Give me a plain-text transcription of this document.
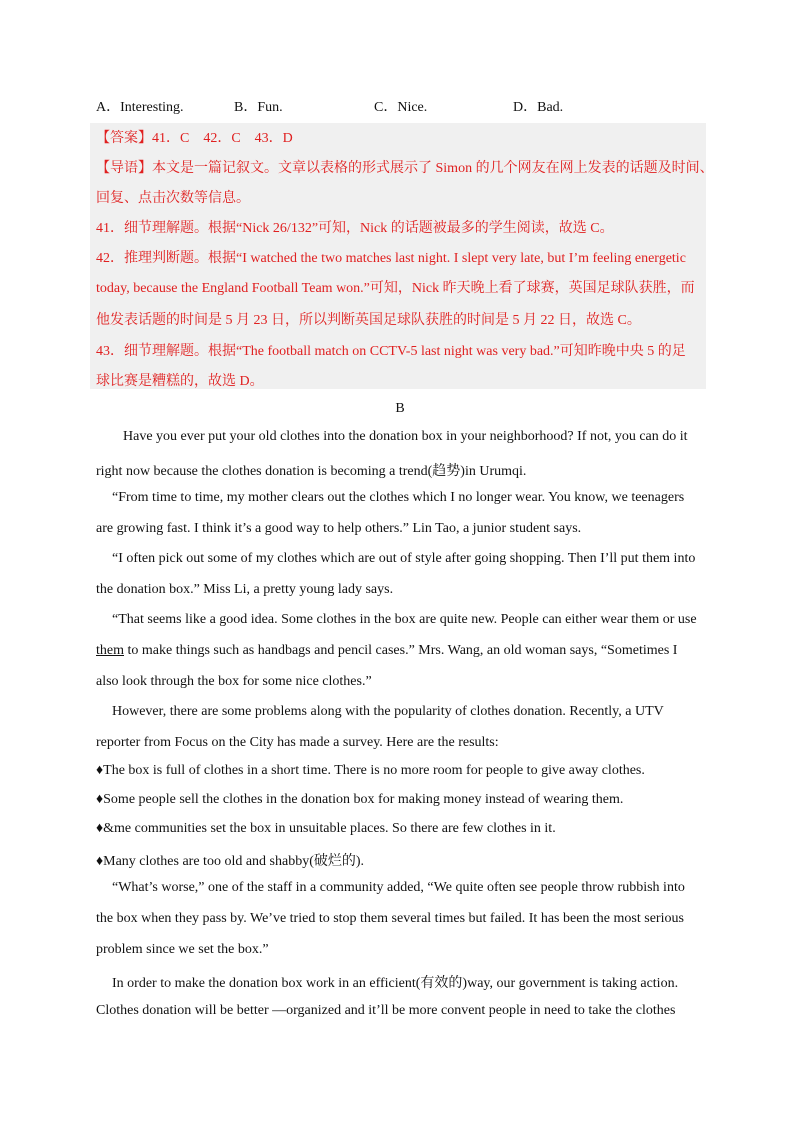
A．Interesting.	B．Fun.	C．Nice.	D．Bad.
【答案】41．C　42．C　43．D
【导语】本文是一篇记叙文。文章以表格的形式展示了 Simon 的几个网友在网上发表的话题及时间、
回复、点击次数等信息。
41．细节理解题。根据“Nick 26/132”可知，Nick 的话题被最多的学生阅读，故选 C。
42．推理判断题。根据“I watched the two matches last night. I slept very late, but I’m feeling energetic
today, because the England Football Team won.”可知，Nick 昨天晚上看了球赛，英国足球队获胜，而
他发表话题的时间是 5 月 23 日，所以判断英国足球队获胜的时间是 5 月 22 日，故选 C。
43．细节理解题。根据“The football match on CCTV-5 last night was very bad.”可知昨晚中央 5 的足
球比赛是糟糕的，故选 D。
B
Have you ever put your old clothes into the donation box in your neighborhood? If not, you can do it
right now because the clothes donation is becoming a trend(趋势)in Urumqi.
“From time to time, my mother clears out the clothes which I no longer wear. You know, we teenagers
are growing fast. I think it’s a good way to help others.” Lin Tao, a junior student says.
“I often pick out some of my clothes which are out of style after going shopping. Then I’ll put them into
the donation box.” Miss Li, a pretty young lady says.
“That seems like a good idea. Some clothes in the box are quite new. People can either wear them or use
them to make things such as handbags and pencil cases.” Mrs. Wang, an old woman says, “Sometimes I
also look through the box for some nice clothes.”
However, there are some problems along with the popularity of clothes donation. Recently, a UTV
reporter from Focus on the City has made a survey. Here are the results:
♦The box is full of clothes in a short time. There is no more room for people to give away clothes.
♦Some people sell the clothes in the donation box for making money instead of wearing them.
♦&me communities set the box in unsuitable places. So there are few clothes in it.
♦Many clothes are too old and shabby(破烂的).
“What’s worse,” one of the staff in a community added, “We quite often see people throw rubbish into
the box when they pass by. We’ve tried to stop them several times but failed. It has been the most serious
problem since we set the box.”
In order to make the donation box work in an efficient(有效的)way, our government is taking action.
Clothes donation will be better —organized and it’ll be more convent people in need to take the clothes
